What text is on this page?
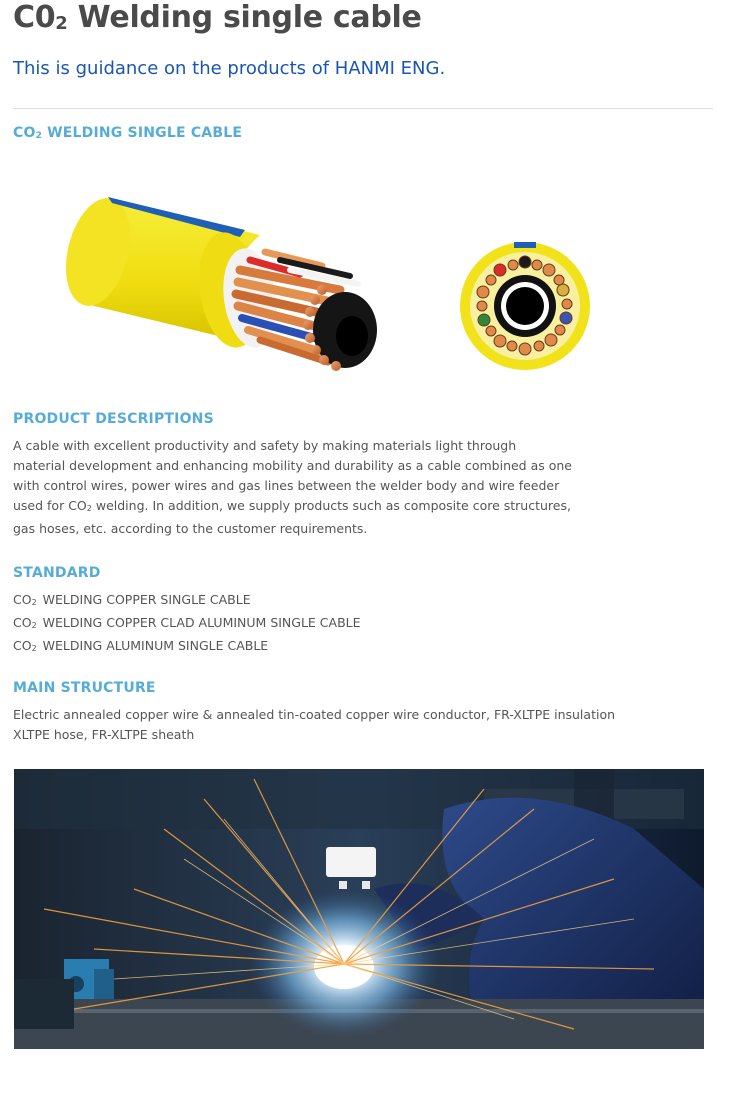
$C0_2$ Welding single cable
This is guidance on the products of HANMI ENG.
$CO_2$ WELDING SINGLE CABLE
PRODUCT DESCRIPTIONS

A cable with excellent productivity and safety by making materials light through

material development and enhancing mobility and durability as a cable combined as one

with control wires, power wires and gas lines between the welder body and wire feeder

used for $CO_2$ welding. In addition, we supply products such as composite core structures,

gas hoses, etc. according to the customer requirements.

STANDARD

$CO_2$ WELDING COPPER SINGLE CABLE

$CO_2$ WELDING COPPER CLAD ALUMINUM SINGLE CABLE

$CO_2$ WELDING ALUMINUM SINGLE CABLE

MAIN STRUCTURE

Electric annealed copper wire & annealed tin-coated copper wire conductor, FR-XLTPE insulation

XLTPE hose, FR-XLTPE sheath
